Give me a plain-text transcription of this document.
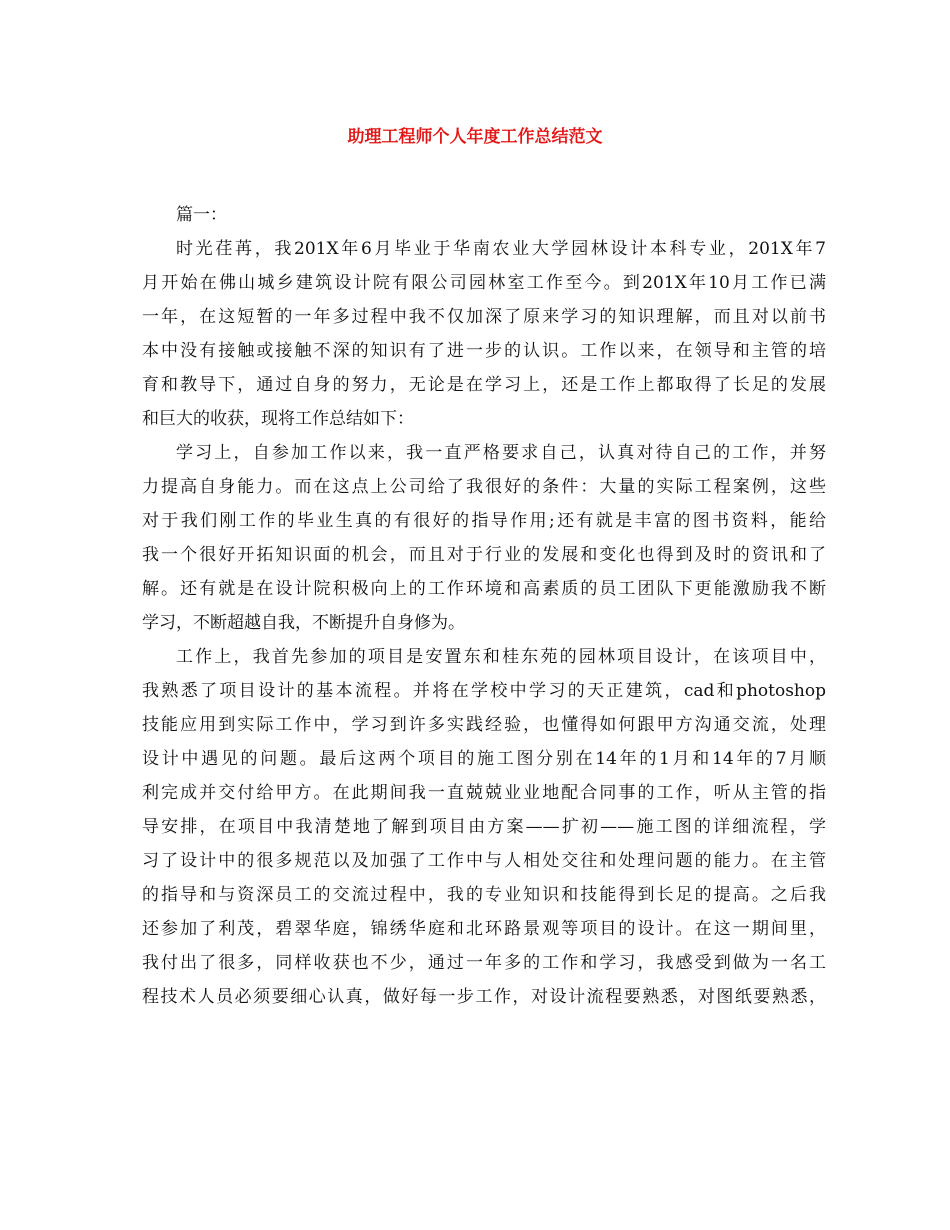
助理工程师个人年度工作总结范文
篇一：
时光荏苒，我201X年6月毕业于华南农业大学园林设计本科专业，201X年7
月开始在佛山城乡建筑设计院有限公司园林室工作至今。到201X年10月工作已满
一年，在这短暂的一年多过程中我不仅加深了原来学习的知识理解，而且对以前书
本中没有接触或接触不深的知识有了进一步的认识。工作以来，在领导和主管的培
育和教导下，通过自身的努力，无论是在学习上，还是工作上都取得了长足的发展
和巨大的收获，现将工作总结如下：
学习上，自参加工作以来，我一直严格要求自己，认真对待自己的工作，并努
力提高自身能力。而在这点上公司给了我很好的条件：大量的实际工程案例，这些
对于我们刚工作的毕业生真的有很好的指导作用;还有就是丰富的图书资料，能给
我一个很好开拓知识面的机会，而且对于行业的发展和变化也得到及时的资讯和了
解。还有就是在设计院积极向上的工作环境和高素质的员工团队下更能激励我不断
学习，不断超越自我，不断提升自身修为。
工作上，我首先参加的项目是安置东和桂东苑的园林项目设计，在该项目中，
我熟悉了项目设计的基本流程。并将在学校中学习的天正建筑，cad和photoshop
技能应用到实际工作中，学习到许多实践经验，也懂得如何跟甲方沟通交流，处理
设计中遇见的问题。最后这两个项目的施工图分别在14年的1月和14年的7月顺
利完成并交付给甲方。在此期间我一直兢兢业业地配合同事的工作，听从主管的指
导安排，在项目中我清楚地了解到项目由方案——扩初——施工图的详细流程，学
习了设计中的很多规范以及加强了工作中与人相处交往和处理问题的能力。在主管
的指导和与资深员工的交流过程中，我的专业知识和技能得到长足的提高。之后我
还参加了利茂，碧翠华庭，锦绣华庭和北环路景观等项目的设计。在这一期间里，
我付出了很多，同样收获也不少，通过一年多的工作和学习，我感受到做为一名工
程技术人员必须要细心认真，做好每一步工作，对设计流程要熟悉，对图纸要熟悉，
